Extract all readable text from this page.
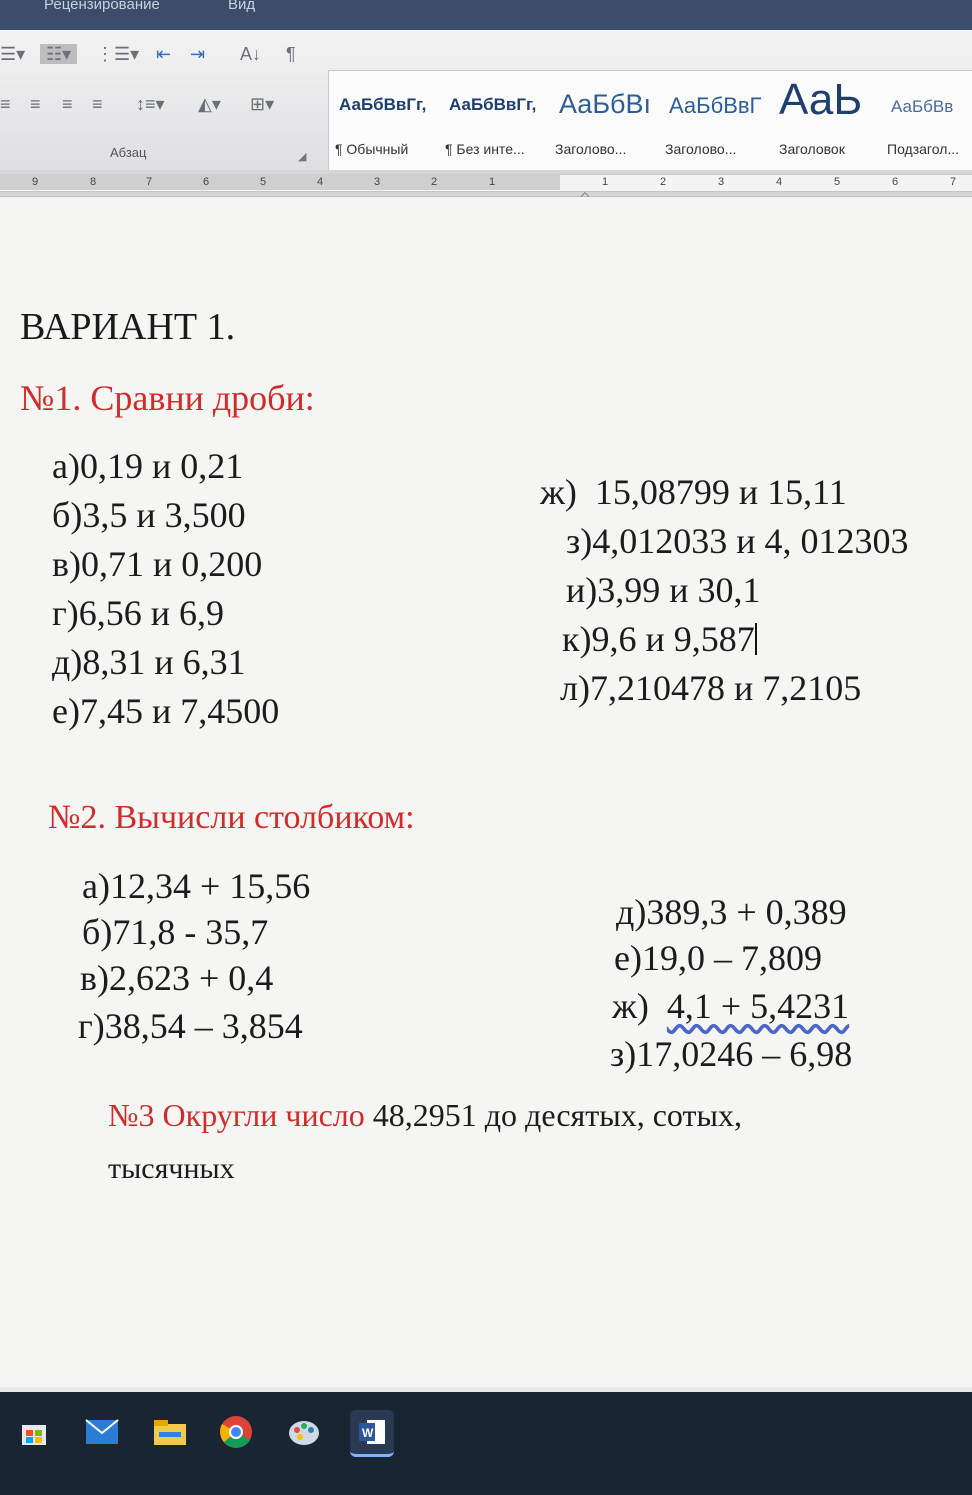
Рецензирование	Вид
☰▾	☷▾	⋮☰▾ ⇤ ⇥ A↓ ¶
≡ ≡ ≡ ≡ ↕≡▾ ◭▾ ⊞▾
Абзац	◢
АаБбВвГг,
¶ Обычный
АаБбВвГг,
¶ Без инте...
АаБбВı
Заголово...
АаБбВвГ
Заголово...
АаЬ
Заголовок
АаБбВв
Подзагол...
9	8	7	6	5	4	3	2	1	1	2	3	4	5	6	7
ВАРИАНТ 1.
№1. Сравни дроби:
а)0,19 и 0,21
б)3,5 и 3,500
в)0,71 и 0,200
г)6,56 и 6,9
д)8,31 и 6,31
е)7,45 и 7,4500
ж) 15,08799 и 15,11
з)4,012033 и 4, 012303
и)3,99 и 30,1
к)9,6 и 9,587
л)7,210478 и 7,2105
№2. Вычисли столбиком:
а)12,34 + 15,56
б)71,8 - 35,7
в)2,623 + 0,4
г)38,54 – 3,854
д)389,3 + 0,389
е)19,0 – 7,809
ж) 4,1 + 5,4231
з)17,0246 – 6,98
№3 Округли число 48,2951 до десятых, сотых,
тысячных
W
